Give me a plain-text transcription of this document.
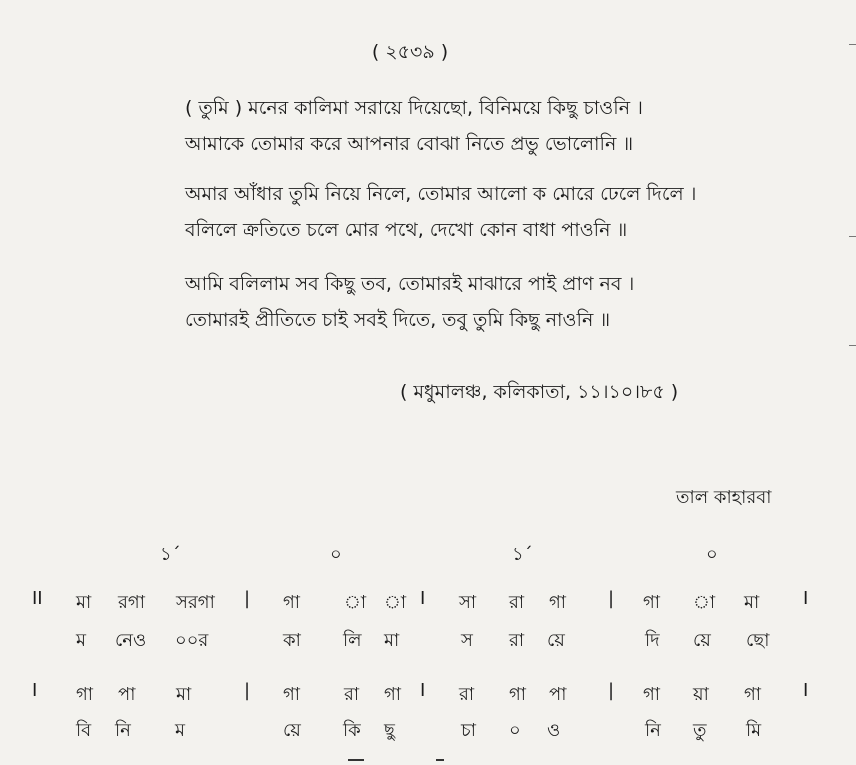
( ২৫৩৯ )
( তুমি ) মনের কালিমা সরায়ে দিয়েছো, বিনিময়ে কিছু চাওনি ।
আমাকে তোমার করে আপনার বোঝা নিতে প্রভু ভোলোনি ॥
অমার আঁধার তুমি নিয়ে নিলে, তোমার আলো ক মোরে ঢেলে দিলে ।
বলিলে ক্রতিতে চলে মোর পথে, দেখো কোন বাধা পাওনি ॥
আমি বলিলাম সব কিছু তব, তোমারই মাঝারে পাই প্রাণ নব ।
তোমারই প্রীতিতে চাই সবই দিতে, তবু তুমি কিছু নাওনি ॥
( মধুমালঞ্চ, কলিকাতা, ১১।১০।৮৫ )
তাল কাহারবা
১´	০	১´	০
II মা রগা সরগা | গা া া I সা রা গা | গা া মা I
ম নেও ০০র	কা লি মা	স রা য়ে	দি য়ে ছো
I গা পা মা	| গা রা গা I রা গা পা | গা য়া গা I
বি নি ম	য়ে কি ছু	চা ০ ও	নি তু মি
